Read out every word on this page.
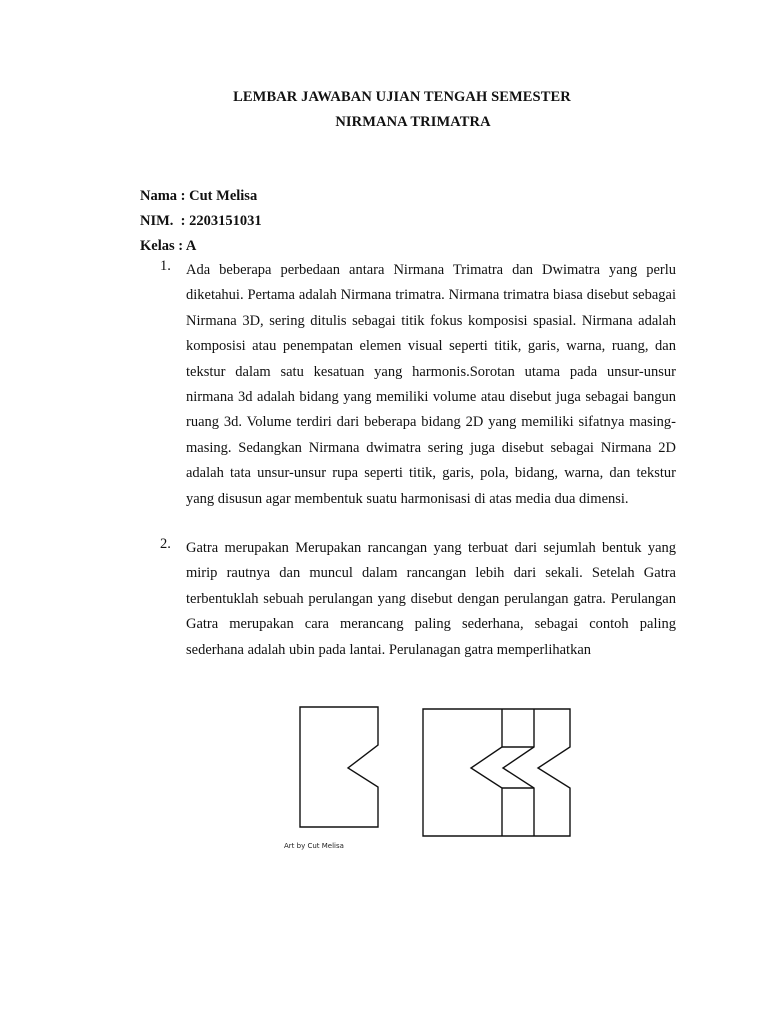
LEMBAR JAWABAN UJIAN TENGAH SEMESTER
NIRMANA TRIMATRA
Nama : Cut Melisa
NIM.  : 2203151031
Kelas : A
1. Ada beberapa perbedaan antara Nirmana Trimatra dan Dwimatra yang perlu diketahui. Pertama adalah Nirmana trimatra. Nirmana trimatra biasa disebut sebagai Nirmana 3D, sering ditulis sebagai titik fokus komposisi spasial. Nirmana adalah komposisi atau penempatan elemen visual seperti titik, garis, warna, ruang, dan tekstur dalam satu kesatuan yang harmonis.Sorotan utama pada unsur-unsur nirmana 3d adalah bidang yang memiliki volume atau disebut juga sebagai bangun ruang 3d. Volume terdiri dari beberapa bidang 2D yang memiliki sifatnya masing-masing. Sedangkan Nirmana dwimatra sering juga disebut sebagai Nirmana 2D adalah tata unsur-unsur rupa seperti titik, garis, pola, bidang, warna, dan tekstur yang disusun agar membentuk suatu harmonisasi di atas media dua dimensi.
2. Gatra merupakan Merupakan rancangan yang terbuat dari sejumlah bentuk yang mirip rautnya dan muncul dalam rancangan lebih dari sekali. Setelah Gatra terbentuklah sebuah perulangan yang disebut dengan perulangan gatra. Perulangan Gatra merupakan cara merancang paling sederhana, sebagai contoh paling sederhana adalah ubin pada lantai. Perulanagan gatra memperlihatkan
Art by Cut Melisa
